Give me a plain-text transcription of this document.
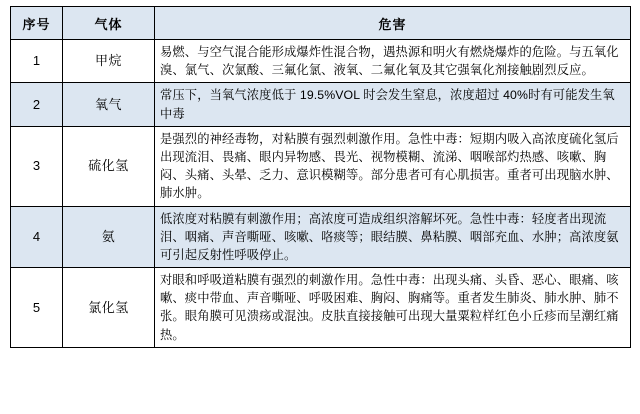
序号	气体	危害
1	甲烷	易燃、与空气混合能形成爆炸性混合物，遇热源和明火有燃烧爆炸的危险。与五氧化溴、氯气、次氯酸、三氟化氯、液氧、二氟化氧及其它强氧化剂接触剧烈反应。
2	氧气	常压下，当氧气浓度低于 19.5%VOL 时会发生窒息，浓度超过 40%时有可能发生氧中毒
3	硫化氢	是强烈的神经毒物，对粘膜有强烈刺激作用。急性中毒：短期内吸入高浓度硫化氢后出现流泪、畏痛、眼内异物感、畏光、视物模糊、流涕、咽喉部灼热感、咳嗽、胸闷、头痛、头晕、乏力、意识模糊等。部分患者可有心肌损害。重者可出现脑水肿、肺水肿。
4	氨	低浓度对粘膜有刺激作用；高浓度可造成组织溶解坏死。急性中毒：轻度者出现流泪、咽痛、声音嘶哑、咳嗽、咯痰等；眼结膜、鼻粘膜、咽部充血、水肿；高浓度氨可引起反射性呼吸停止。
5	氯化氢	对眼和呼吸道粘膜有强烈的刺激作用。急性中毒：出现头痛、头昏、恶心、眼痛、咳嗽、痰中带血、声音嘶哑、呼吸困难、胸闷、胸痛等。重者发生肺炎、肺水肿、肺不张。眼角膜可见溃疡或混浊。皮肤直接接触可出现大量粟粒样红色小丘疹而呈潮红痛热。
